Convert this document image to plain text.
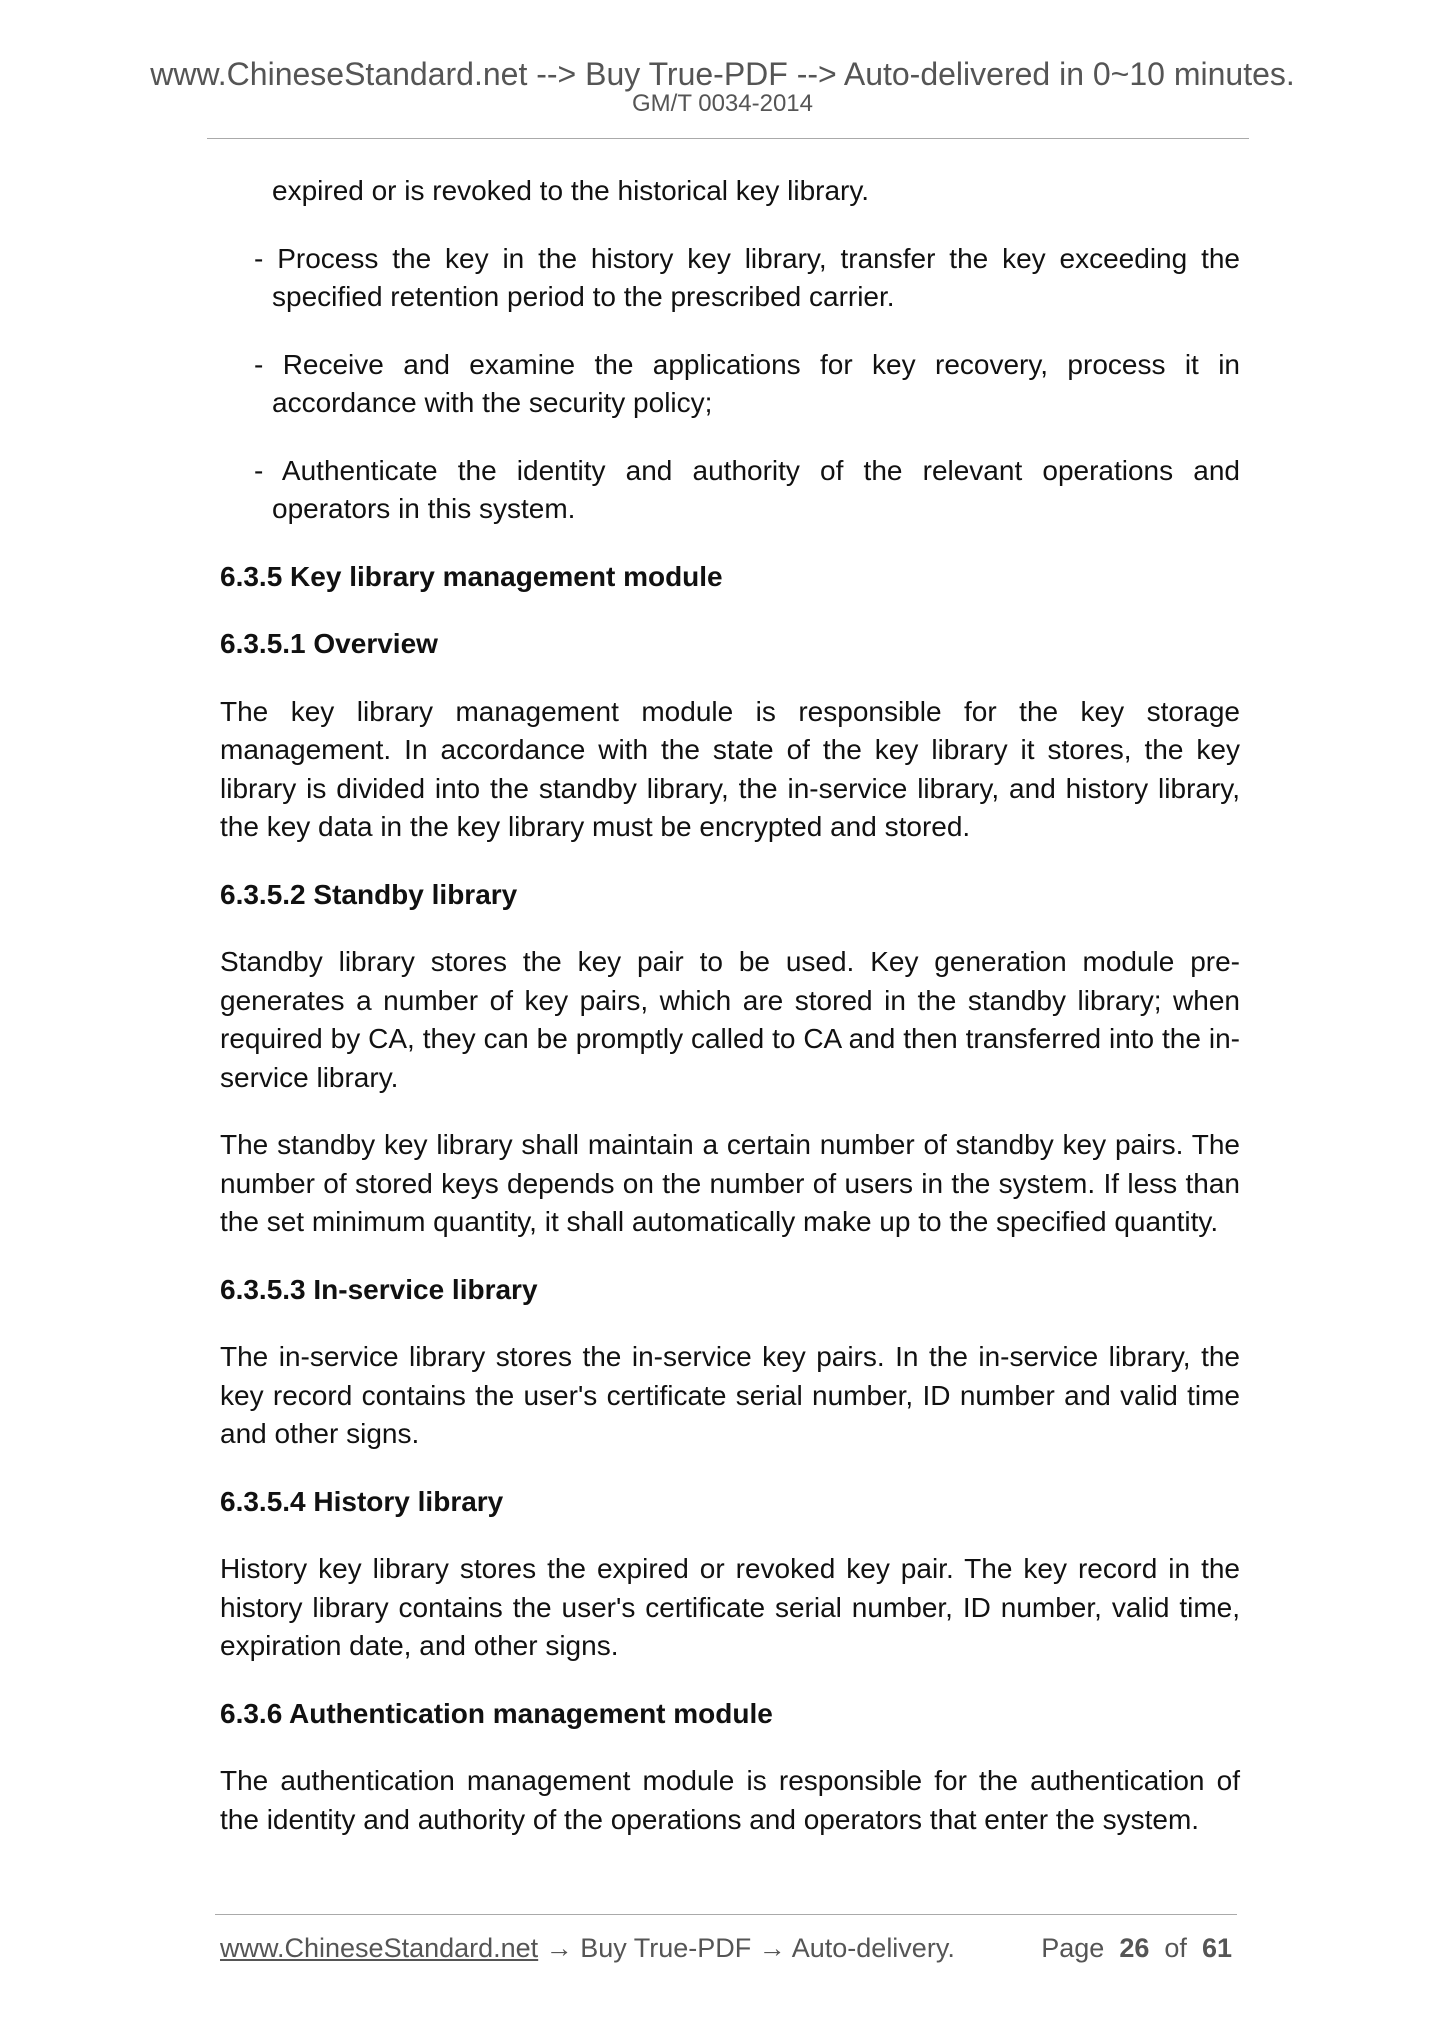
www.ChineseStandard.net --> Buy True-PDF --> Auto-delivered in 0~10 minutes.
GM/T 0034-2014

expired or is revoked to the historical key library.

- Process the key in the history key library, transfer the key exceeding the specified retention period to the prescribed carrier.

- Receive and examine the applications for key recovery, process it in accordance with the security policy;

- Authenticate the identity and authority of the relevant operations and operators in this system.

6.3.5 Key library management module

6.3.5.1 Overview

The key library management module is responsible for the key storage management. In accordance with the state of the key library it stores, the key library is divided into the standby library, the in-service library, and history library, the key data in the key library must be encrypted and stored.

6.3.5.2 Standby library

Standby library stores the key pair to be used. Key generation module pre-generates a number of key pairs, which are stored in the standby library; when required by CA, they can be promptly called to CA and then transferred into the in-service library.

The standby key library shall maintain a certain number of standby key pairs. The number of stored keys depends on the number of users in the system. If less than the set minimum quantity, it shall automatically make up to the specified quantity.

6.3.5.3 In-service library

The in-service library stores the in-service key pairs. In the in-service library, the key record contains the user's certificate serial number, ID number and valid time and other signs.

6.3.5.4 History library

History key library stores the expired or revoked key pair. The key record in the history library contains the user's certificate serial number, ID number, valid time, expiration date, and other signs.

6.3.6 Authentication management module

The authentication management module is responsible for the authentication of the identity and authority of the operations and operators that enter the system.

www.ChineseStandard.net → Buy True-PDF → Auto-delivery.	Page 26 of 61
